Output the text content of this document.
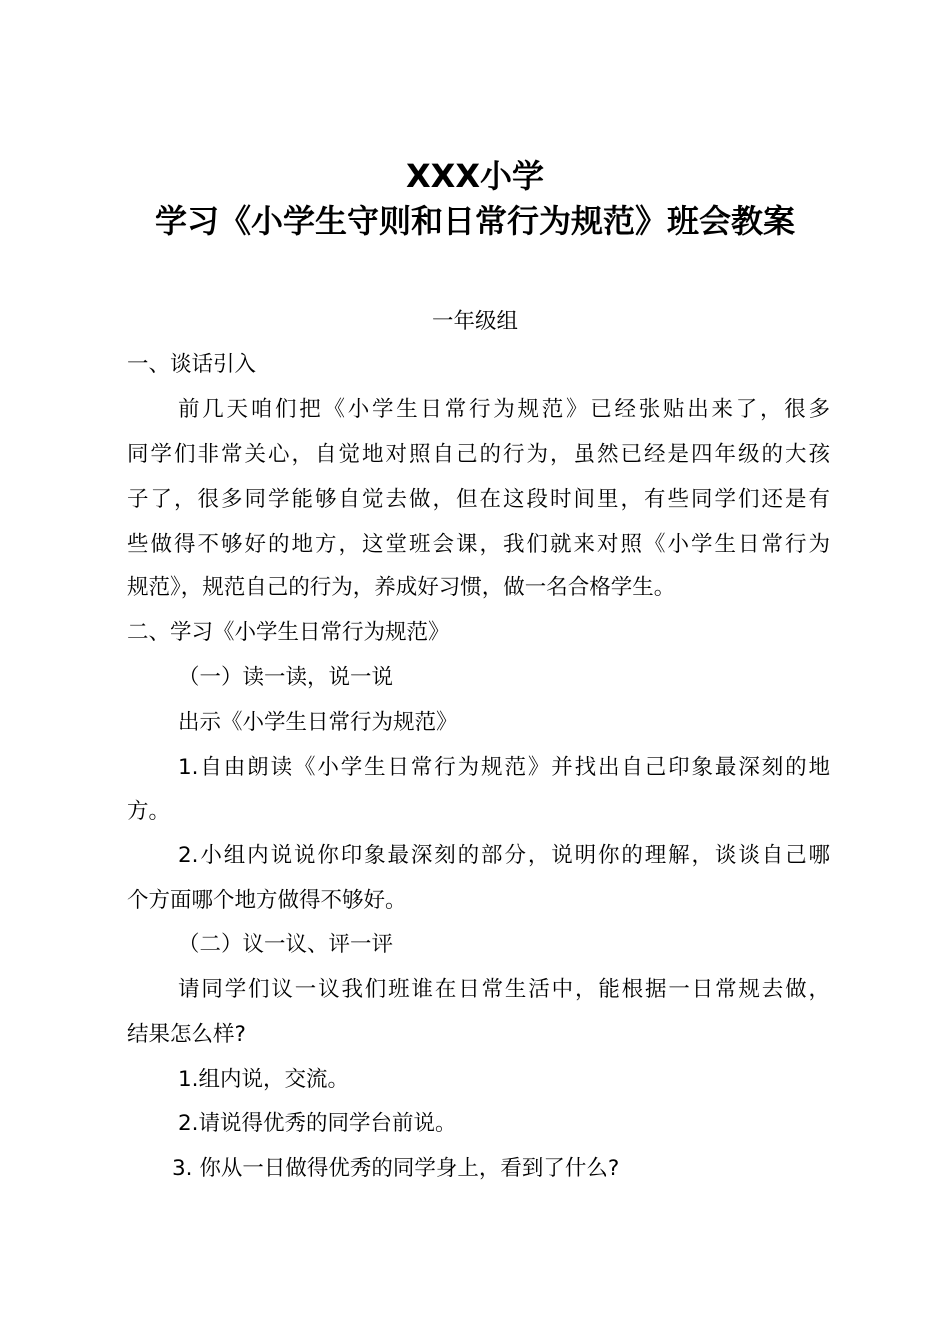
XXX小学
学习《小学生守则和日常行为规范》班会教案

一年级组

一、谈话引入

前几天咱们把《小学生日常行为规范》已经张贴出来了，很多

同学们非常关心，自觉地对照自己的行为，虽然已经是四年级的大孩

子了，很多同学能够自觉去做，但在这段时间里，有些同学们还是有

些做得不够好的地方，这堂班会课，我们就来对照《小学生日常行为

规范》，规范自己的行为，养成好习惯，做一名合格学生。

二、学习《小学生日常行为规范》

（一）读一读，说一说

出示《小学生日常行为规范》

1.自由朗读《小学生日常行为规范》并找出自己印象最深刻的地

方。

2.小组内说说你印象最深刻的部分，说明你的理解，谈谈自己哪

个方面哪个地方做得不够好。

（二）议一议、评一评

请同学们议一议我们班谁在日常生活中，能根据一日常规去做，

结果怎么样?

1.组内说，交流。

2.请说得优秀的同学台前说。

3. 你从一日做得优秀的同学身上，看到了什么?
